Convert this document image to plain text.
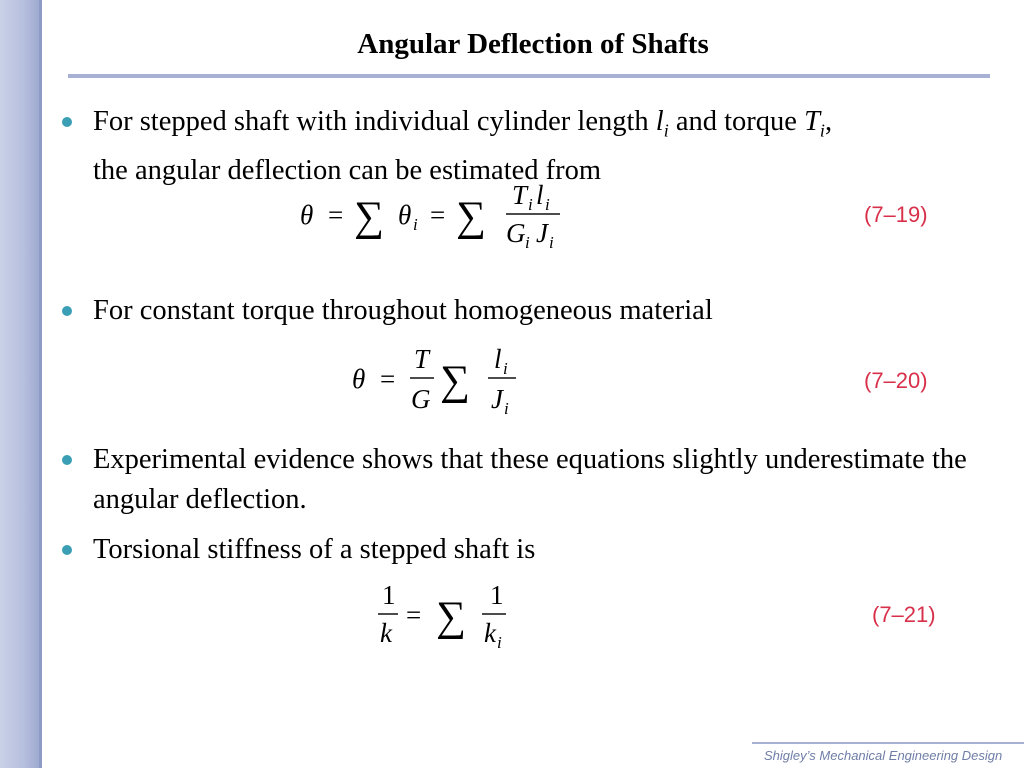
Angular Deflection of Shafts
For stepped shaft with individual cylinder length $l_i$ and torque $T_i$,
the angular deflection can be estimated from
θ = ∑ θ i = ∑ T i l i
G i J i
(7–19)
For constant torque throughout homogeneous material
θ =
T
G ∑ l i
J i
(7–20)
Experimental evidence shows that these equations slightly underestimate the angular deflection.
Torsional stiffness of a stepped shaft is
1
k
= ∑ 1
k i
(7–21)
Shigley’s Mechanical Engineering Design
